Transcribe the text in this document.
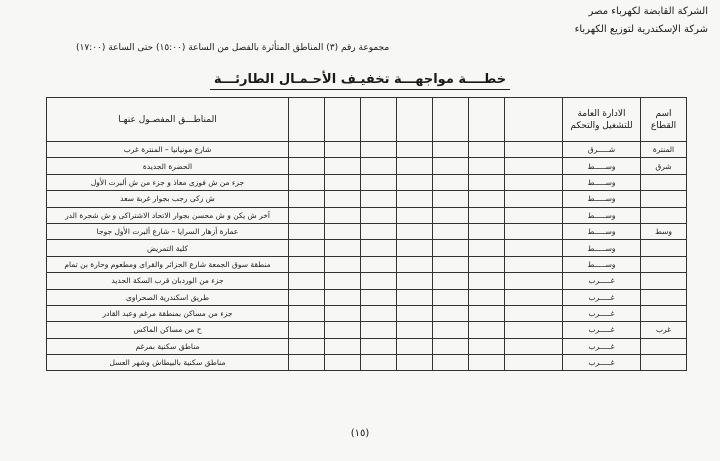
الشركة القابضة لكهرباء مصر
شركة الإسكندرية لتوزيع الكهرباء
مجموعة رقم (٣) المناطق المتأثرة بالفصل من الساعة (١٥:٠٠) حتى الساعة (١٧:٠٠)
خطــــة مواجهـــة تخفيـف الأحـمـال الطارئـــة
اسم القطاع	الادارة العامة للتشغيل والتحكم								المناطـــق المفصـول عنهـا
المنترة	شـــــرق								شارع مونيانيا – المنترة غرب
شرق	وســـــط								الحضرة الجديدة
	وســـــط								جزء من ش فوزى معاذ و جزء من ش ألبرت الأول
	وســـــط								ش زكى رجب بجوار غربة سعد
	وســـــط								آخر ش يكن و ش محسن بجوار الاتحاد الاشتراكى و ش شجرة الدر
وسط	وســـــط								عمارة أزهار السرايا – شارع ألبرت الأول جوجا
	وســـــط								كلية التمريض
	وســـــط								منطقة سوق الجمعة شارع الجزائر والقراى ومطعوم وحارة بن تمام
	غـــــرب								جزء من الوردبان قرب السكة الحديد
	غـــــرب								طريق اسكندرية الصحراوى
	غـــــرب								جزء من مساكن بمنطقة مرغم وعبد القادر
غرب	غـــــرب								ح من مساكن الماكس
	غـــــرب								مناطق سكنية بمرغم
	غـــــرب								مناطق سكنية بالبيطاش وشهر العسل
(١٥)
